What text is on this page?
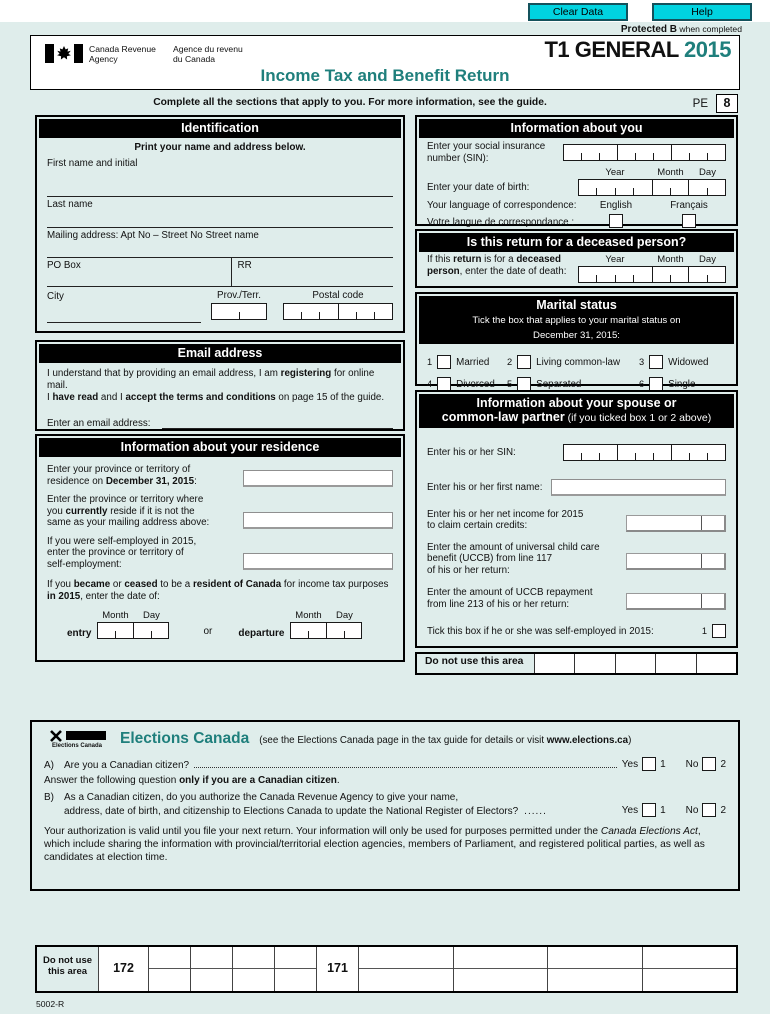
Clear Data	Help
Protected B when completed
Canada Revenue
Agency
Agence du revenu
du Canada	T1 GENERAL 2015
Income Tax and Benefit Return
Complete all the sections that apply to you. For more information, see the guide.	PE	8
Identification
Print your name and address below.
First name and initial
Last name
Mailing address: Apt No – Street No Street name
PO Box	RR
City	Prov./Terr.	Postal code
Email address
I understand that by providing an email address, I am registering for online mail.
I have read and I accept the terms and conditions on page 15 of the guide.
Enter an email address:
Information about your residence
Enter your province or territory of
residence on December 31, 2015:
Enter the province or territory where
you currently reside if it is not the
same as your mailing address above:
If you were self-employed in 2015,
enter the province or territory of
self-employment:
If you became or ceased to be a resident of Canada for income tax purposes in 2015, enter the date of:
entry
Month	Day
or	departure
Month	Day
Information about you
Enter your social insurance
number (SIN):
Year	Month	Day
Enter your date of birth:
Your language of correspondence:	English	Français
Votre langue de correspondance :
Is this return for a deceased person?
If this return is for a deceased person, enter the date of death:
Year	Month	Day
Marital status
Tick the box that applies to your marital status on
December 31, 2015:
1 Married 2 Living common-law 3 Widowed
4 Divorced 5 Separated	6 Single
Information about your spouse or
common-law partner (if you ticked box 1 or 2 above)
Enter his or her SIN:
Enter his or her first name:
Enter his or her net income for 2015
to claim certain credits:
Enter the amount of universal child care
benefit (UCCB) from line 117
of his or her return:
Enter the amount of UCCB repayment
from line 213 of his or her return:
Tick this box if he or she was self-employed in 2015:	1
Do not use this area
Elections Canada	Elections Canada (see the Elections Canada page in the tax guide for details or visit www.elections.ca)
A)	Are you a Canadian citizen?	Yes 1 No 2
Answer the following question only if you are a Canadian citizen.
B)	As a Canadian citizen, do you authorize the Canada Revenue Agency to give your name,
address, date of birth, and citizenship to Elections Canada to update the National Register of Electors? ......	Yes 1 No 2
Your authorization is valid until you file your next return. Your information will only be used for purposes permitted under the Canada Elections Act, which include sharing the information with provincial/territorial election agencies, members of Parliament, and registered political parties, as well as candidates at election time.
Do not use
this area	172	171
5002-R
